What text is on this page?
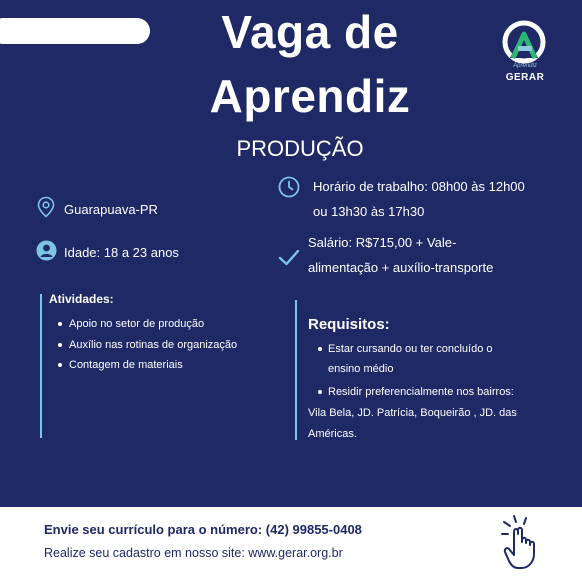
Vaga de
Aprendiz
PRODUÇÃO
Aprendiz
GERAR
Guarapuava-PR
Idade: 18 a 23 anos
Horário de trabalho: 08h00 às 12h00
ou 13h30 às 17h30
Salário: R$715,00 + Vale-
alimentação + auxílio-transporte
Atividades:
Apoio no setor de produção
Auxílio nas rotinas de organização
Contagem de materiais
Requisitos:
Estar cursando ou ter concluído o
ensino médio
Residir preferencialmente nos bairros:
Vila Bela, JD. Patrícia, Boqueirão , JD. das
Américas.
Envie seu currículo para o número: (42) 99855-0408
Realize seu cadastro em nosso site: www.gerar.org.br
